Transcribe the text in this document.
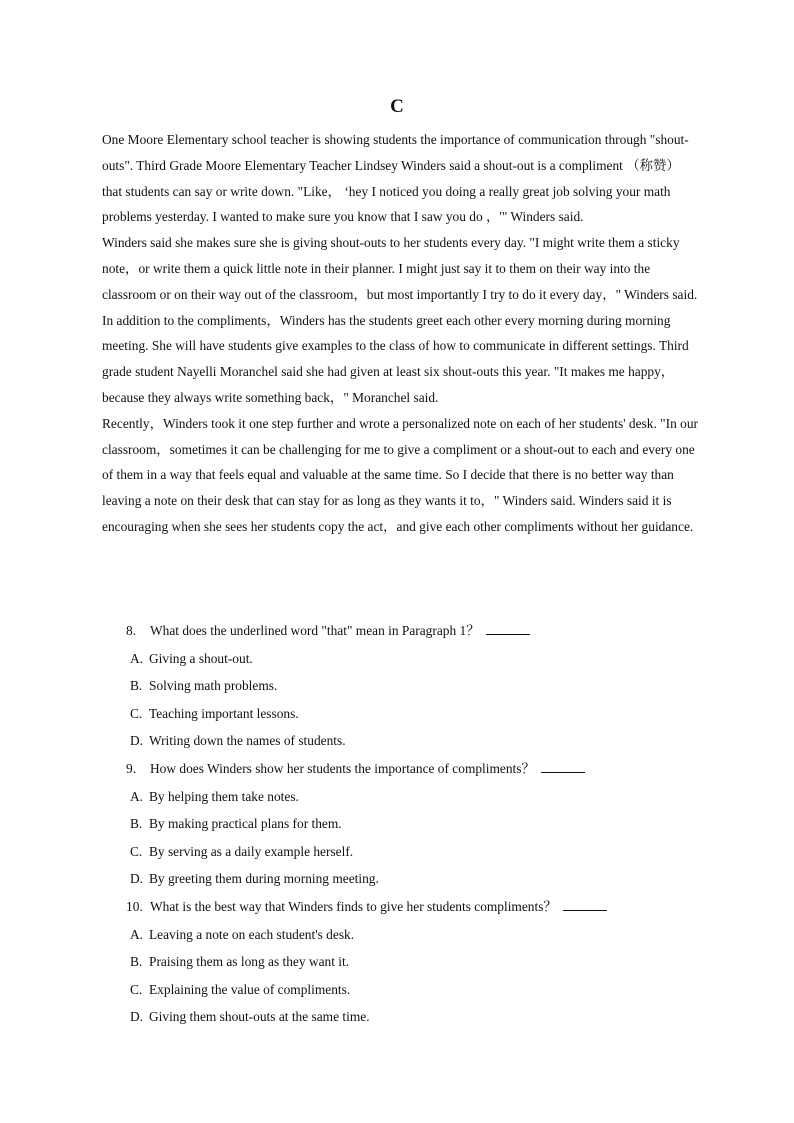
C

One Moore Elementary school teacher is showing students the importance of communication through "shout-outs". Third Grade Moore Elementary Teacher Lindsey Winders said a shout-out is a compliment （称赞） that students can say or write down. "Like， ‘hey I noticed you doing a really great job solving your math problems yesterday. I wanted to make sure you know that I saw you do ，'" Winders said.

Winders said she makes sure she is giving shout-outs to her students every day. "I might write them a sticky note，or write them a quick little note in their planner. I might just say it to them on their way into the classroom or on their way out of the classroom，but most importantly I try to do it every day，" Winders said.

In addition to the compliments，Winders has the students greet each other every morning during morning meeting. She will have students give examples to the class of how to communicate in different settings. Third grade student Nayelli Moranchel said she had given at least six shout-outs this year. "It makes me happy，because they always write something back，" Moranchel said.

Recently，Winders took it one step further and wrote a personalized note on each of her students' desk. "In our classroom，sometimes it can be challenging for me to give a compliment or a shout-out to each and every one of them in a way that feels equal and valuable at the same time. So I decide that there is no better way than leaving a note on their desk that can stay for as long as they wants it to，" Winders said. Winders said it is encouraging when she sees her students copy the act，and give each other compliments without her guidance.

8. What does the underlined word "that" mean in Paragraph 1？

A. Giving a shout-out.

B. Solving math problems.

C. Teaching important lessons.

D. Writing down the names of students.

9. How does Winders show her students the importance of compliments？

A. By helping them take notes.

B. By making practical plans for them.

C. By serving as a daily example herself.

D. By greeting them during morning meeting.

10. What is the best way that Winders finds to give her students compliments？

A. Leaving a note on each student's desk.

B. Praising them as long as they want it.

C. Explaining the value of compliments.

D. Giving them shout-outs at the same time.
